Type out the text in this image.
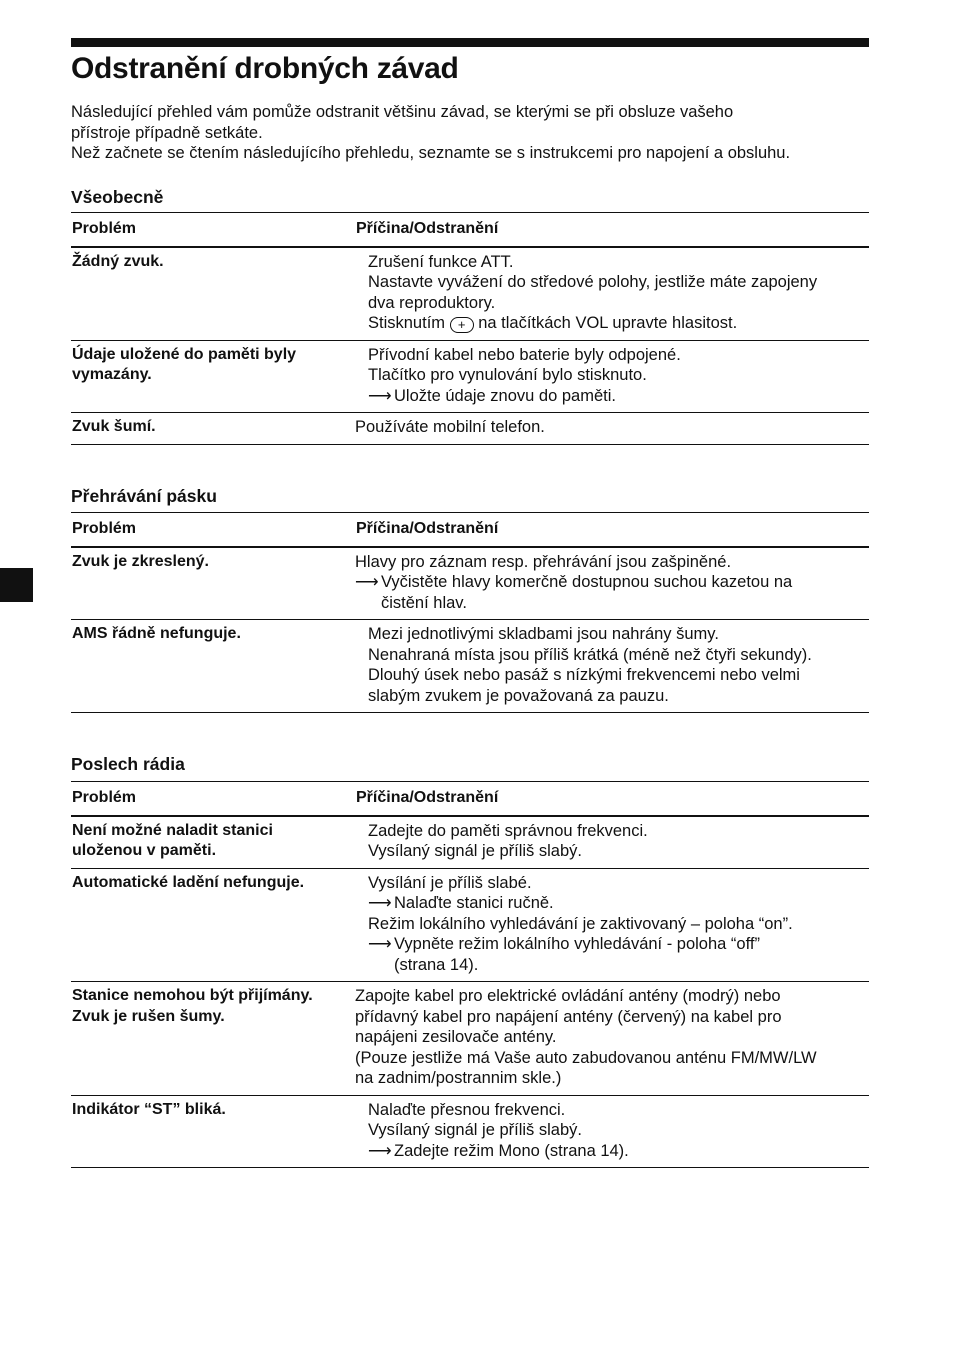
Odstranění drobných závad

Následující přehled vám pomůže odstranit většinu závad, se kterými se při obsluze vašeho

přístroje případně setkáte.

Než začnete se čtením následujícího přehledu, seznamte se s instrukcemi pro napojení a obsluhu.

Všeobecně
Problém	Příčina/Odstranění

Žádný zvuk.	Zrušení funkce ATT.
Nastavte vyvážení do středové polohy, jestliže máte zapojeny
dva reproduktory.
Stisknutím + na tlačítkách VOL upravte hlasitost.

Údaje uložené do paměti byly
vymazány.	Přívodní kabel nebo baterie byly odpojené.
Tlačítko pro vynulování bylo stisknuto.
⟶ Uložte údaje znovu do paměti.

Zvuk šumí.	Používáte mobilní telefon.
Přehrávání pásku
Problém	Příčina/Odstranění

Zvuk je zkreslený.	Hlavy pro záznam resp. přehrávání jsou zašpiněné.
⟶ Vyčistěte hlavy komerčně dostupnou suchou kazetou na
čistění hlav.

AMS řádně nefunguje.	Mezi jednotlivými skladbami jsou nahrány šumy.
Nenahraná místa jsou příliš krátká (méně než čtyři sekundy).
Dlouhý úsek nebo pasáž s nízkými frekvencemi nebo velmi
slabým zvukem je považovaná za pauzu.
Poslech rádia
Problém	Příčina/Odstranění

Není možné naladit stanici
uloženou v paměti.	Zadejte do paměti správnou frekvenci.
Vysílaný signál je příliš slabý.

Automatické ladění nefunguje.	Vysílání je příliš slabé.
⟶ Nalaďte stanici ručně.
Režim lokálního vyhledávání je zaktivovaný – poloha “on”.
⟶ Vypněte režim lokálního vyhledávání - poloha “off”
(strana 14).

Stanice nemohou být přijímány.
Zvuk je rušen šumy.	Zapojte kabel pro elektrické ovládání antény (modrý) nebo
přídavný kabel pro napájení antény (červený) na kabel pro
napájeni zesilovače antény.
(Pouze jestliže má Vaše auto zabudovanou anténu FM/MW/LW
na zadnim/postrannim skle.)

Indikátor “ST” bliká.	Nalaďte přesnou frekvenci.
Vysílaný signál je příliš slabý.
⟶ Zadejte režim Mono (strana 14).
